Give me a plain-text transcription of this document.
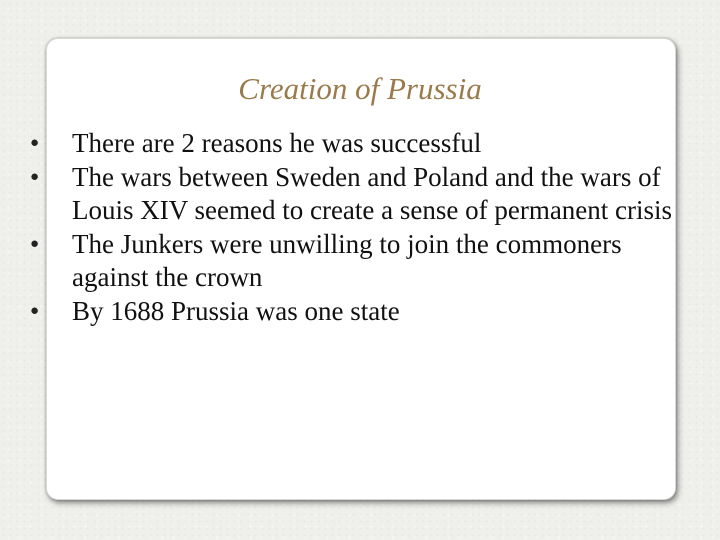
Creation of Prussia
● There are 2 reasons he was successful
● The wars between Sweden and Poland and the wars of Louis XIV seemed to create a sense of permanent crisis
● The Junkers were unwilling to join the commoners against the crown
● By 1688 Prussia was one state
